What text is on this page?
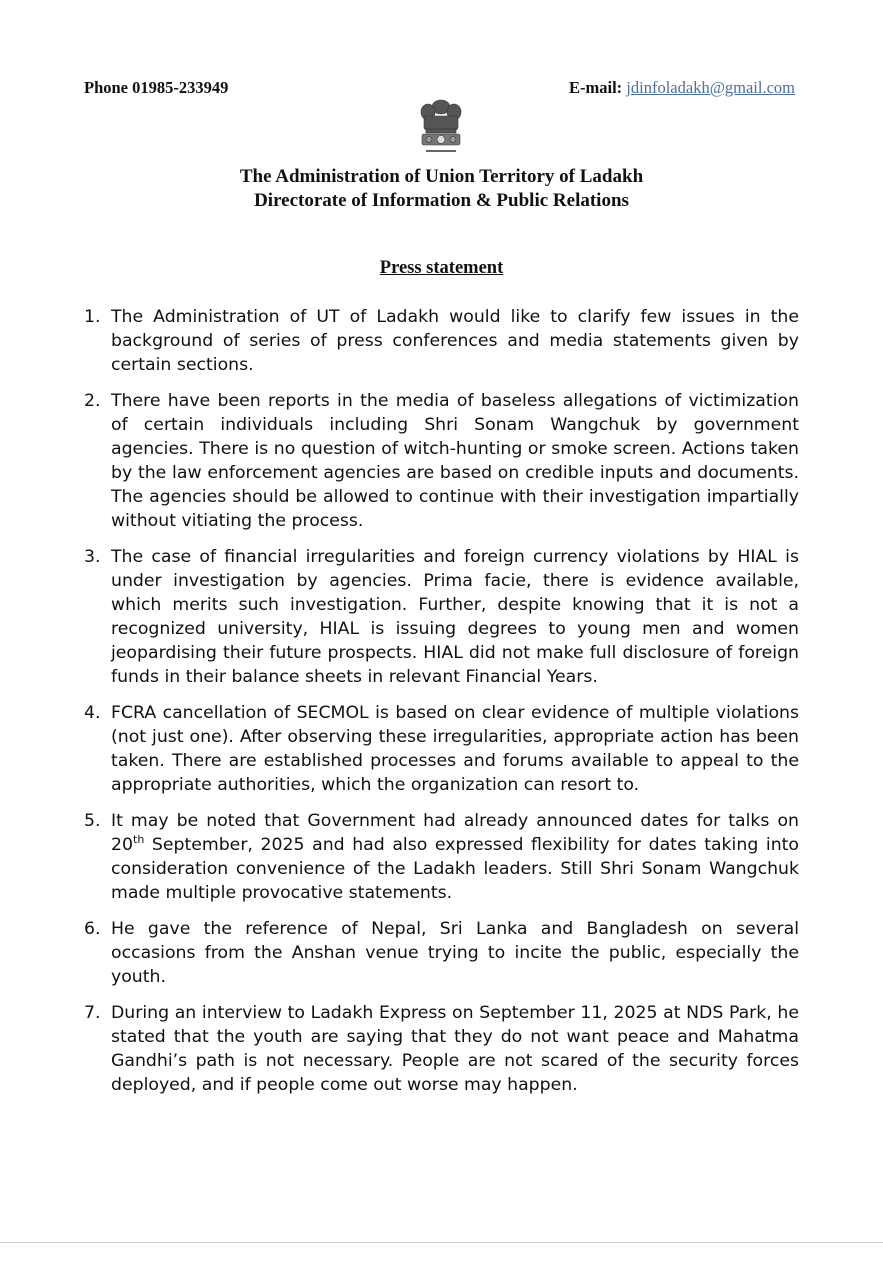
Phone 01985-233949	E-mail: jdinfoladakh@gmail.com
The Administration of Union Territory of Ladakh
Directorate of Information & Public Relations
Press statement
1. The Administration of UT of Ladakh would like to clarify few issues in the background of series of press conferences and media statements given by certain sections.
2. There have been reports in the media of baseless allegations of victimization of certain individuals including Shri Sonam Wangchuk by government agencies. There is no question of witch-hunting or smoke screen. Actions taken by the law enforcement agencies are based on credible inputs and documents. The agencies should be allowed to continue with their investigation impartially without vitiating the process.
3. The case of financial irregularities and foreign currency violations by HIAL is under investigation by agencies. Prima facie, there is evidence available, which merits such investigation. Further, despite knowing that it is not a recognized university, HIAL is issuing degrees to young men and women jeopardising their future prospects. HIAL did not make full disclosure of foreign funds in their balance sheets in relevant Financial Years.
4. FCRA cancellation of SECMOL is based on clear evidence of multiple violations (not just one). After observing these irregularities, appropriate action has been taken. There are established processes and forums available to appeal to the appropriate authorities, which the organization can resort to.
5. It may be noted that Government had already announced dates for talks on 20th September, 2025 and had also expressed flexibility for dates taking into consideration convenience of the Ladakh leaders. Still Shri Sonam Wangchuk made multiple provocative statements.
6. He gave the reference of Nepal, Sri Lanka and Bangladesh on several occasions from the Anshan venue trying to incite the public, especially the youth.
7. During an interview to Ladakh Express on September 11, 2025 at NDS Park, he stated that the youth are saying that they do not want peace and Mahatma Gandhi’s path is not necessary. People are not scared of the security forces deployed, and if people come out worse may happen.
